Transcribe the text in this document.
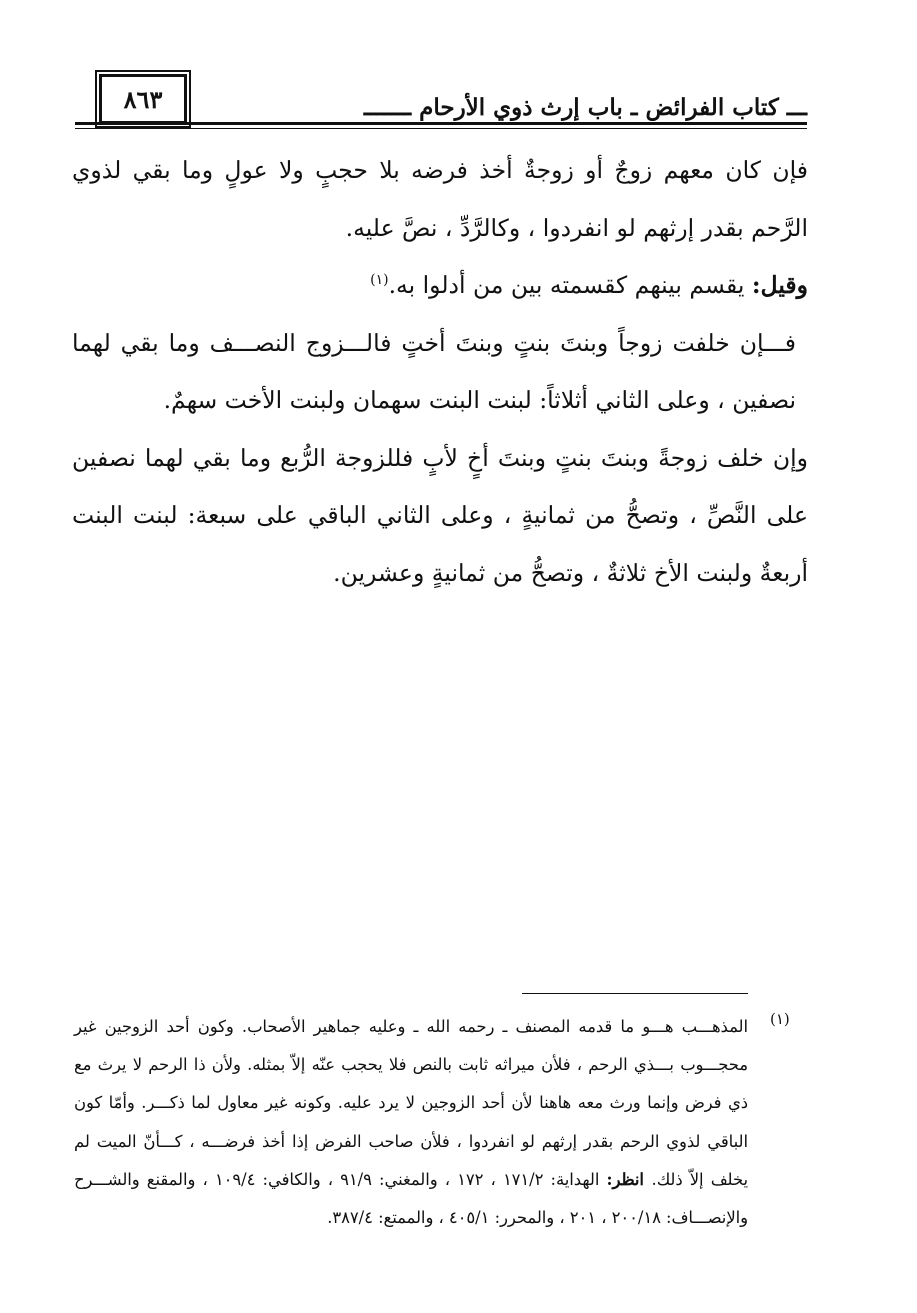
٨٦٣	ـــ كتاب الفرائض ـ باب إرث ذوي الأرحام ـــــــ

فإن كان معهم زوجٌ أو زوجةٌ أخذ فرضه بلا حجبٍ ولا عولٍ وما بقي لذوي الرَّحم بقدر إرثهم لو انفردوا ، وكالرَّدِّ ، نصَّ عليه.

وقيل: يقسم بينهم كقسمته بين من أدلوا به.$^{(١)}$

فـــإن خلفت زوجاً وبنتَ بنتٍ وبنتَ أختٍ فالـــزوج النصـــف وما بقي لهما نصفين ، وعلى الثاني أثلاثاً: لبنت البنت سهمان ولبنت الأخت سهمٌ.

وإن خلف زوجةً وبنتَ بنتٍ وبنتَ أخٍ لأبٍ فللزوجة الرُّبع وما بقي لهما نصفين على النَّصِّ ، وتصحُّ من ثمانيةٍ ، وعلى الثاني الباقي على سبعة: لبنت البنت أربعةٌ ولبنت الأخ ثلاثةٌ ، وتصحُّ من ثمانيةٍ وعشرين.

(١)
المذهـــب هـــو ما قدمه المصنف ـ رحمه الله ـ وعليه جماهير الأصحاب. وكون أحد الزوجين غير محجـــوب بـــذي الرحم ، فلأن ميراثه ثابت بالنص فلا يحجب عنّه إلاّ بمثله. ولأن ذا الرحم لا يرث مع ذي فرض وإنما ورث معه هاهنا لأن أحد الزوجين لا يرد عليه. وكونه غير معاول لما ذكـــر. وأمّا كون الباقي لذوي الرحم بقدر إرثهم لو انفردوا ، فلأن صاحب الفرض إذا أخذ فرضـــه ، كـــأنّ الميت لم يخلف إلاّ ذلك. انظر: الهداية: ١٧١/٢ ، ١٧٢ ، والمغني: ٩١/٩ ، والكافي: ١٠٩/٤ ، والمقنع والشـــرح والإنصـــاف: ٢٠٠/١٨ ، ٢٠١ ، والمحرر: ٤٠٥/١ ، والممتع: ٣٨٧/٤.
